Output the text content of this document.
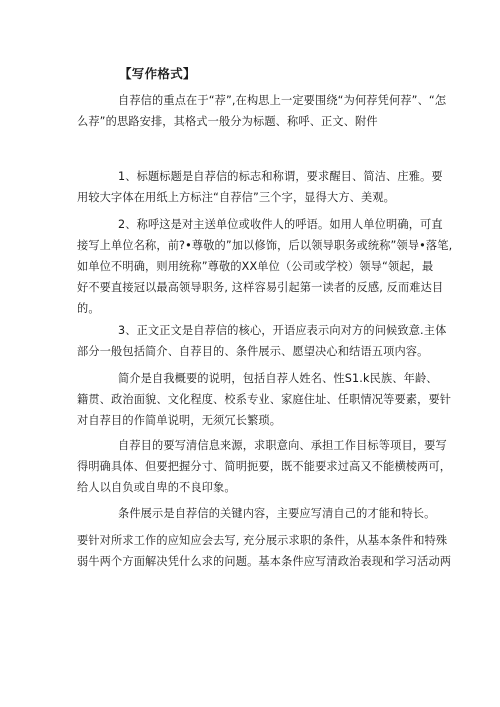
【写作格式】
自荐信的重点在于“荐”,在构思上一定要围绕“为何荐凭何荐”、“怎
么荐”的思路安排，其格式一般分为标题、称呼、正文、附件
1、标题标题是自荐信的标志和称谓，要求醒目、简洁、庄雅。要
用较大字体在用纸上方标注“自荐信”三个字，显得大方、美观。
2、称呼这是对主送单位或收件人的呼语。如用人单位明确，可直
接写上单位名称，前?•尊敬的”加以修饰，后以领导职务或统称”领导•落笔,
如单位不明确，则用统称”尊敬的XX单位（公司或学校）领导“领起，最
好不要直接冠以最高领导职务, 这样容易引起第一读者的反感, 反而难达目
的。
3、正文正文是自荐信的核心，开语应表示向对方的问候致意.主体
部分一般包括简介、自荐目的、条件展示、愿望决心和结语五项内容。
简介是自我概要的说明，包括自荐人姓名、性S1.k民族、年龄、
籍贯、政治面貌、文化程度、校系专业、家庭住址、任职情况等要素，要针
对自荐目的作简单说明，无须冗长繁琐。
自荐目的要写清信息来源，求职意向、承担工作目标等项目，要写
得明确具体、但要把握分寸、简明扼要，既不能要求过高又不能横棱两可，
给人以自负或自卑的不良印象。
条件展示是自荐信的关键内容，主要应写清自己的才能和特长。
要针对所求工作的应知应会去写, 充分展示求职的条件，从基本条件和特殊
弱牛两个方面解决凭什么求的问题。基本条件应写清政治表现和学习活动两
